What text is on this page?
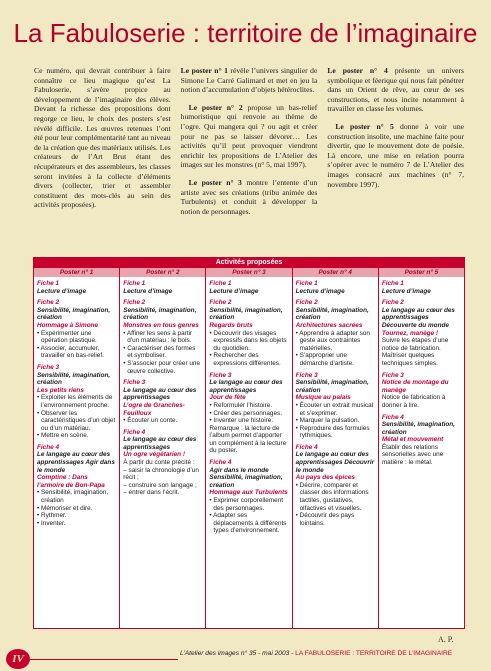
La Fabuloserie : territoire de l’imaginaire

Ce numéro, qui devrait contribuer à faire connaître ce lieu magique qu’est La Fabuloserie, s’avère propice au développement de l’imaginaire des élèves. Devant la richesse des propositions dont regorge ce lieu, le choix des posters s’est révélé difficile. Les œuvres retenues l’ont été pour leur complémentarité tant au niveau de la création que des matériaux utilisés. Les créateurs de l’Art Brut étant des récupérateurs et des assembleurs, les classes seront invitées à la collecte d’éléments divers (collecter, trier et assembler constituent des mots-clés au sein des activités proposées).

Le poster n° 1 révèle l’univers singulier de Simone Le Carré Galimard et met en jeu la notion d’accumulation d’objets hétéroclites.

Le poster n° 2 propose un bas-relief humoristique qui renvoie au thème de l’ogre. Qui mangera qui ? ou agit et créer pour ne pas se laisser dévorer… Les activités qu’il peut provoquer viendront enrichir les propositions de L’Atelier des images sur les monstres (n° 5, mai 1997).

Le poster n° 3 montre l’entente d’un artiste avec ses créations (tribu animée des Turbulents) et conduit à développer la notion de personnages.

Le poster n° 4 présente un univers symbolique et féerique qui nous fait pénétrer dans un Orient de rêve, au cœur de ses constructions, et nous incite notamment à travailler en classe les volumes.

Le poster n° 5 donne à voir une construction insolite, une machine faite pour divertir, que le mouvement dote de poésie. Là encore, une mise en relation pourra s’opérer avec le numéro 7 de L’Atelier des images consacré aux machines (n° 7, novembre 1997).

Activités proposées
Poster n° 1
Fiche 1
Lecture d’image
Fiche 2
Sensibilité, imagination, création
Hommage à Simone
• Expérimenter une opération plastique.
• Associer, accumuler, travailler en bas-relief.
Fiche 3
Sensibilité, imagination, création
Les petits riens
• Exploiter les éléments de l’environnement proche.
• Observer les caractéristiques d’un objet ou d’un matériau.
• Mettre en scène.
Fiche 4
Le langage au cœur des apprentissages Agir dans le monde
Comptine : Dans l’armoire de Bon-Papa
• Sensibilité, imagination, création
• Mémoriser et dire.
• Rythmer.
• Inventer.
Poster n° 2
Fiche 1
Lecture d’image
Fiche 2
Sensibilité, imagination, création
Monstres en tous genres
• Affiner les sens à partir d’un matériau : le bois.
• Caractériser des formes et symboliser.
• S’associer pour créer une œuvre collective.
Fiche 3
Le langage au cœur des apprentissages
L’ogre de Granches-Feuilloux
• Écouter un conte.
Fiche 4
Le langage au cœur des apprentissages
Un ogre végétarien !
À partir du conte précité :
– saisir la chronologie d’un récit ;
– construire son langage ;
– entrer dans l’écrit.
Poster n° 3
Fiche 1
Lecture d’image
Fiche 2
Sensibilité, imagination, création
Regards bruts
• Découvrir des visages expressifs dans les objets du quotidien.
• Rechercher des expressions différentes.
Fiche 3
Le langage au cœur des apprentissages
Jour de fête
• Reformuler l’histoire.
• Créer des personnages.
• Inventer une histoire.
Remarque : la lecture de l’album permet d’apporter un complément à la lecture du poster.
Fiche 4
Agir dans le monde Sensibilité, imagination, création
Hommage aux Turbulents
• Exprimer corporellement des personnages.
• Adapter ses déplacements à différents types d’environnement.
Poster n° 4
Fiche 1
Lecture d’image
Fiche 2
Sensibilité, imagination, création
Architectures sacrées
• Apprendre à adapter son geste aux contraintes matérielles.
• S’approprier une démarche d’artiste.
Fiche 3
Sensibilité, imagination, création
Musique au palais
• Écouter un extrait musical et s’exprimer.
• Marquer la pulsation.
• Reproduire des formules rythmiques.
Fiche 4
Le langage au cœur des apprentissages Découvrir le monde
Au pays des épices
• Décrire, comparer et classer des informations tactiles, gustatives, olfactives et visuelles.
• Découvrir des pays lointains.
Poster n° 5
Fiche 1
Lecture d’image
Fiche 2
Le langage au cœur des apprentissages Découverte du monde
Tournez, manège !
Suivre les étapes d’une notice de fabrication. Maîtriser quelques techniques simples.
Fiche 3
Notice de montage du manège
Notice de fabrication à donner à lire.
Fiche 4
Sensibilité, imagination, création
Métal et mouvement
Établir des relations sensorielles avec une matière : le métal.
A. P.
IV	L’Atelier des images n° 35 - mai 2003 - LA FABULOSERIE : TERRITOIRE DE L’IMAGINAIRE
